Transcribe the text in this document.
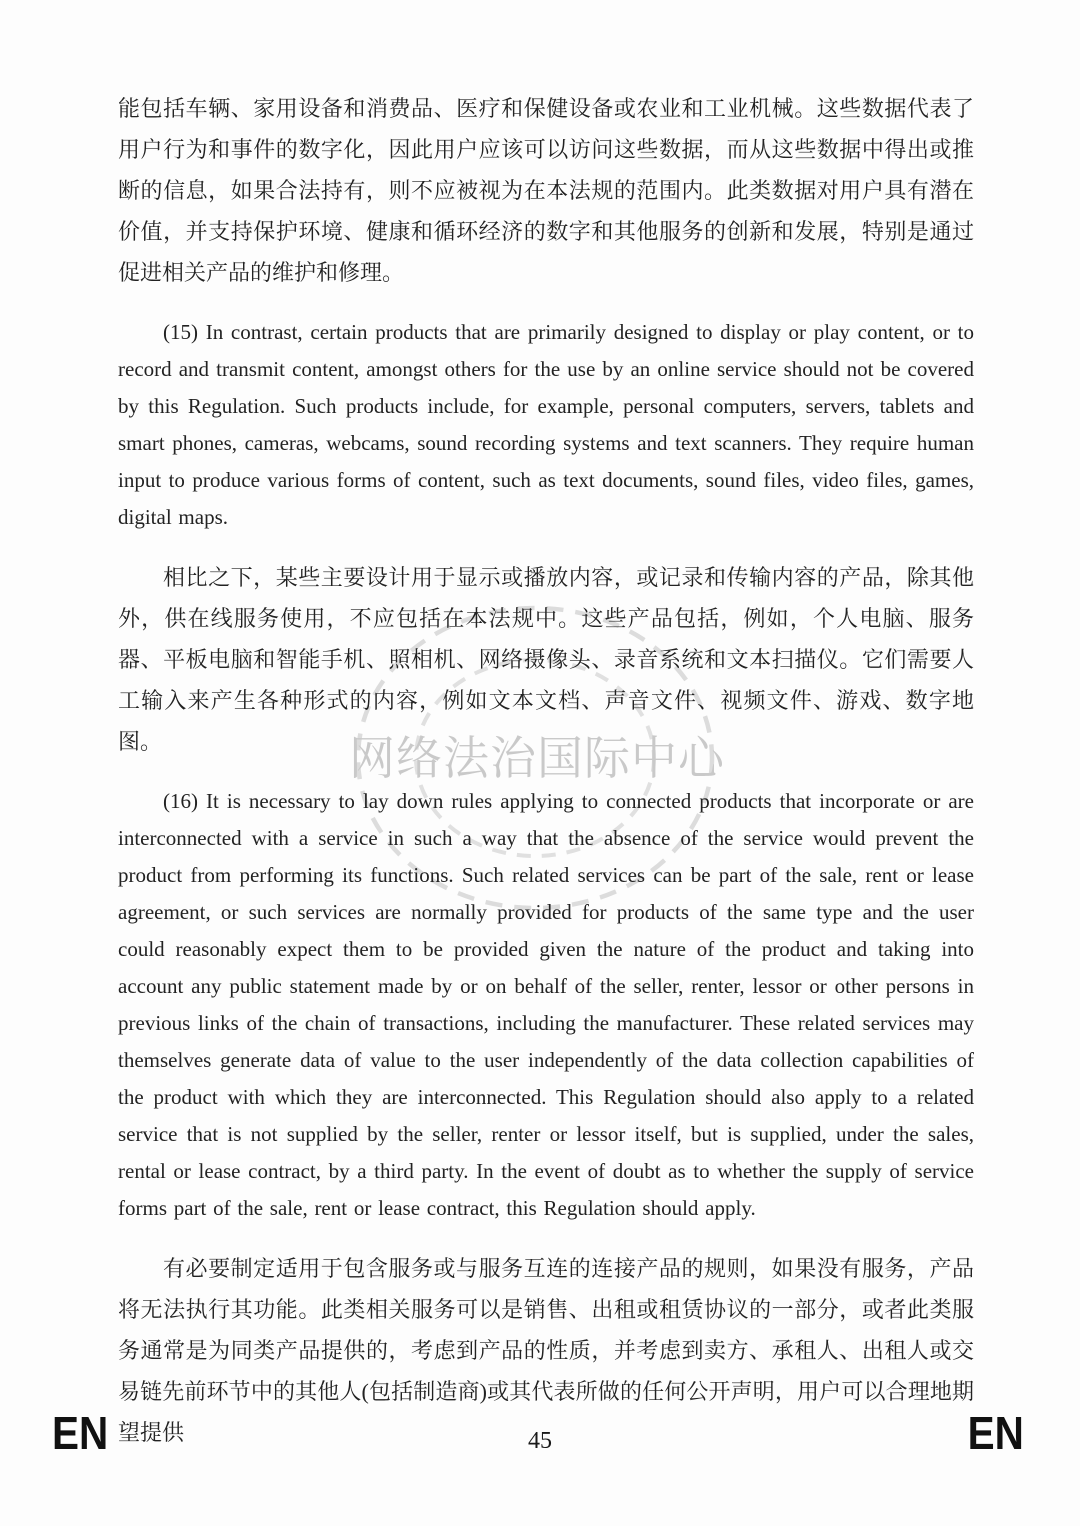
网络法治国际中心

能包括车辆、家用设备和消费品、医疗和保健设备或农业和工业机械。这些数据代表了用户行为和事件的数字化，因此用户应该可以访问这些数据，而从这些数据中得出或推断的信息，如果合法持有，则不应被视为在本法规的范围内。此类数据对用户具有潜在价值，并支持保护环境、健康和循环经济的数字和其他服务的创新和发展，特别是通过促进相关产品的维护和修理。

(15) In contrast, certain products that are primarily designed to display or play content, or to record and transmit content, amongst others for the use by an online service should not be covered by this Regulation. Such products include, for example, personal computers, servers, tablets and smart phones, cameras, webcams, sound recording systems and text scanners. They require human input to produce various forms of content, such as text documents, sound files, video files, games, digital maps.

相比之下，某些主要设计用于显示或播放内容，或记录和传输内容的产品，除其他外，供在线服务使用，不应包括在本法规中。这些产品包括，例如，个人电脑、服务器、平板电脑和智能手机、照相机、网络摄像头、录音系统和文本扫描仪。它们需要人工输入来产生各种形式的内容，例如文本文档、声音文件、视频文件、游戏、数字地图。

(16) It is necessary to lay down rules applying to connected products that incorporate or are interconnected with a service in such a way that the absence of the service would prevent the product from performing its functions. Such related services can be part of the sale, rent or lease agreement, or such services are normally provided for products of the same type and the user could reasonably expect them to be provided given the nature of the product and taking into account any public statement made by or on behalf of the seller, renter, lessor or other persons in previous links of the chain of transactions, including the manufacturer. These related services may themselves generate data of value to the user independently of the data collection capabilities of the product with which they are interconnected. This Regulation should also apply to a related service that is not supplied by the seller, renter or lessor itself, but is supplied, under the sales, rental or lease contract, by a third party. In the event of doubt as to whether the supply of service forms part of the sale, rent or lease contract, this Regulation should apply.

有必要制定适用于包含服务或与服务互连的连接产品的规则，如果没有服务，产品将无法执行其功能。此类相关服务可以是销售、出租或租赁协议的一部分，或者此类服务通常是为同类产品提供的，考虑到产品的性质，并考虑到卖方、承租人、出租人或交易链先前环节中的其他人(包括制造商)或其代表所做的任何公开声明，用户可以合理地期望提供

EN	45	EN
